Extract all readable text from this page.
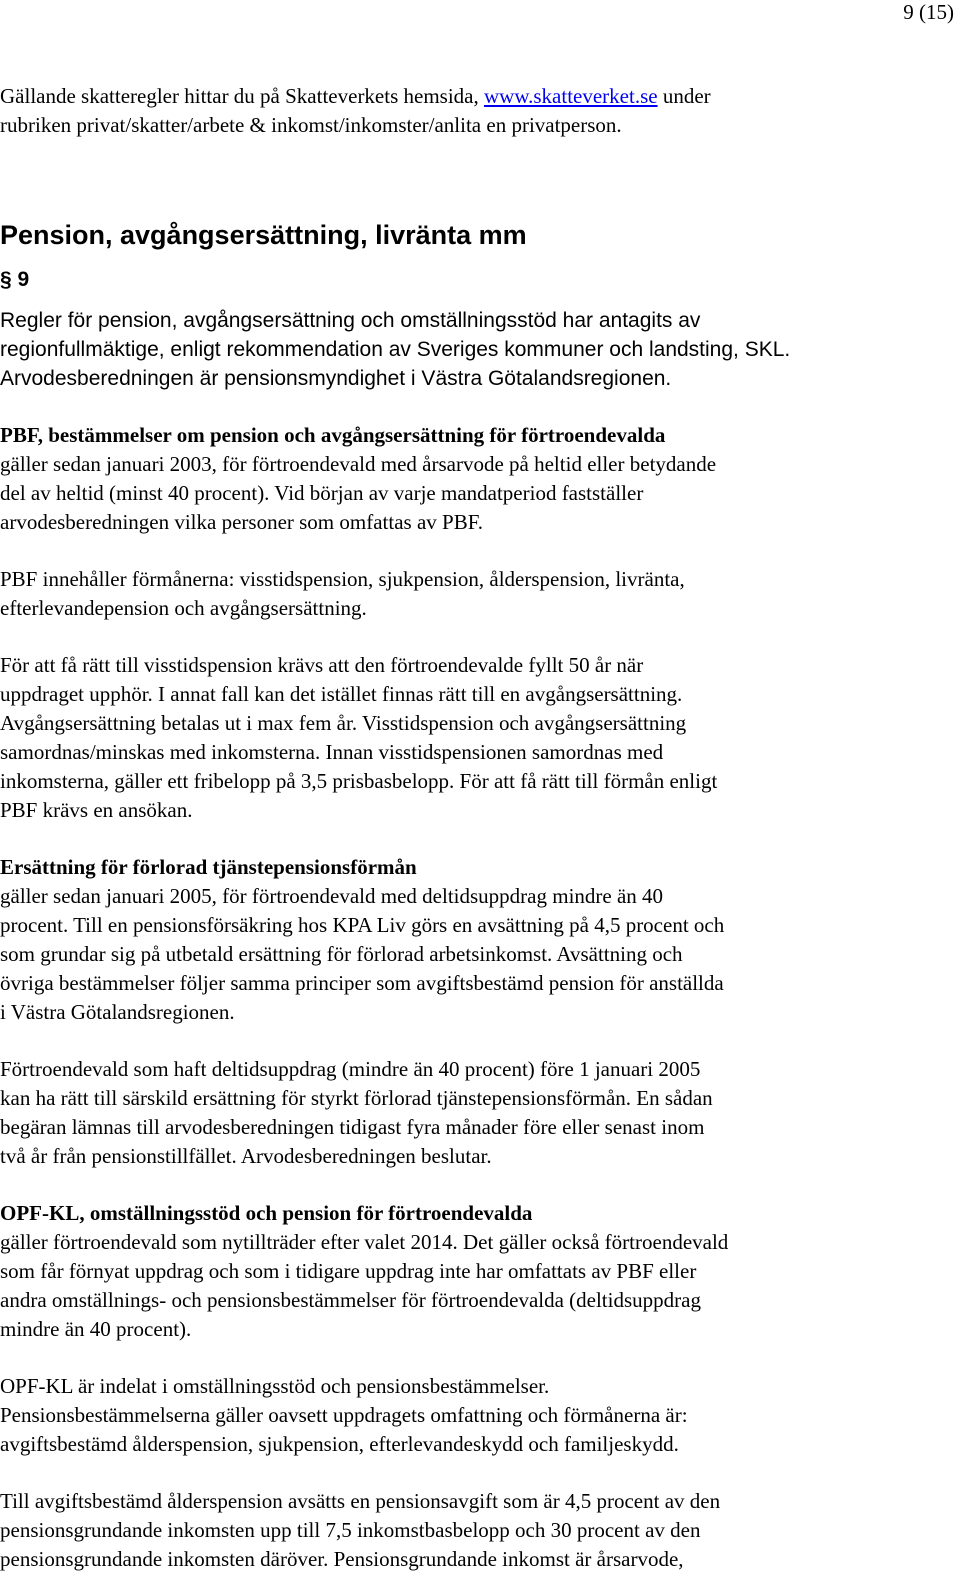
9 (15)
Gällande skatteregler hittar du på Skatteverkets hemsida, www.skatteverket.se under
rubriken privat/skatter/arbete & inkomst/inkomster/anlita en privatperson.
Pension, avgångsersättning, livränta mm
§ 9
Regler för pension, avgångsersättning och omställningsstöd har antagits av
regionfullmäktige, enligt rekommendation av Sveriges kommuner och landsting, SKL.
Arvodesberedningen är pensionsmyndighet i Västra Götalandsregionen.
PBF, bestämmelser om pension och avgångsersättning för förtroendevalda
gäller sedan januari 2003, för förtroendevald med årsarvode på heltid eller betydande
del av heltid (minst 40 procent). Vid början av varje mandatperiod fastställer
arvodesberedningen vilka personer som omfattas av PBF.
PBF innehåller förmånerna: visstidspension, sjukpension, ålderspension, livränta,
efterlevandepension och avgångsersättning.
För att få rätt till visstidspension krävs att den förtroendevalde fyllt 50 år när
uppdraget upphör. I annat fall kan det istället finnas rätt till en avgångsersättning.
Avgångsersättning betalas ut i max fem år. Visstidspension och avgångsersättning
samordnas/minskas med inkomsterna. Innan visstidspensionen samordnas med
inkomsterna, gäller ett fribelopp på 3,5 prisbasbelopp. För att få rätt till förmån enligt
PBF krävs en ansökan.
Ersättning för förlorad tjänstepensionsförmån
gäller sedan januari 2005, för förtroendevald med deltidsuppdrag mindre än 40
procent. Till en pensionsförsäkring hos KPA Liv görs en avsättning på 4,5 procent och
som grundar sig på utbetald ersättning för förlorad arbetsinkomst. Avsättning och
övriga bestämmelser följer samma principer som avgiftsbestämd pension för anställda
i Västra Götalandsregionen.
Förtroendevald som haft deltidsuppdrag (mindre än 40 procent) före 1 januari 2005
kan ha rätt till särskild ersättning för styrkt förlorad tjänstepensionsförmån. En sådan
begäran lämnas till arvodesberedningen tidigast fyra månader före eller senast inom
två år från pensionstillfället. Arvodesberedningen beslutar.
OPF-KL, omställningsstöd och pension för förtroendevalda
gäller förtroendevald som nytillträder efter valet 2014. Det gäller också förtroendevald
som får förnyat uppdrag och som i tidigare uppdrag inte har omfattats av PBF eller
andra omställnings- och pensionsbestämmelser för förtroendevalda (deltidsuppdrag
mindre än 40 procent).
OPF-KL är indelat i omställningsstöd och pensionsbestämmelser.
Pensionsbestämmelserna gäller oavsett uppdragets omfattning och förmånerna är:
avgiftsbestämd ålderspension, sjukpension, efterlevandeskydd och familjeskydd.
Till avgiftsbestämd ålderspension avsätts en pensionsavgift som är 4,5 procent av den
pensionsgrundande inkomsten upp till 7,5 inkomstbasbelopp och 30 procent av den
pensionsgrundande inkomsten däröver. Pensionsgrundande inkomst är årsarvode,
